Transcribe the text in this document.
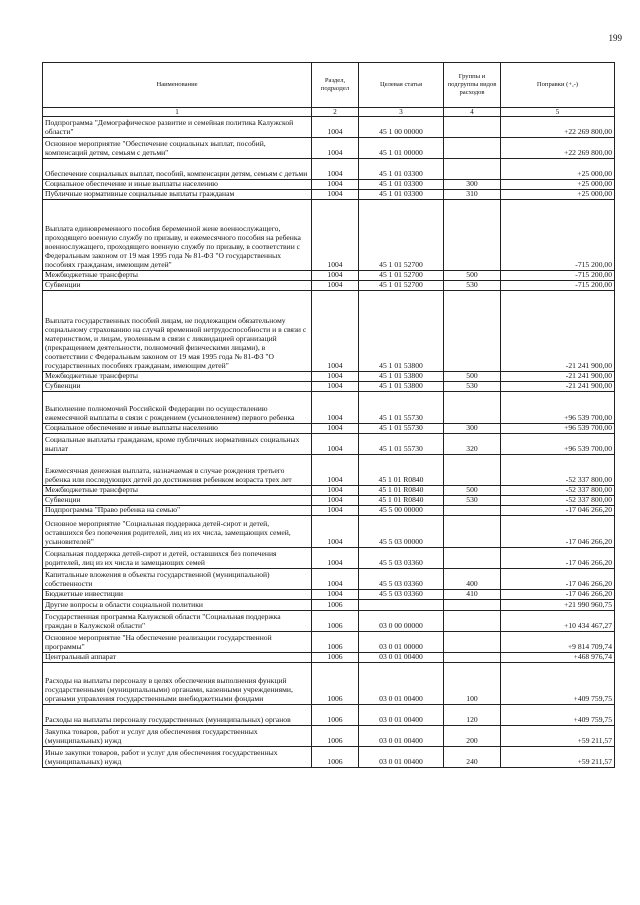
199
Наименование	Раздел, подраздел	Целевая статья	Группы и подгруппы видов расходов	Поправки (+,-)
1	2	3	4	5
Подпрограмма "Демографическое развитие и семейная политика Калужской области"	1004	45 1 00 00000		+22 269 800,00
Основное мероприятие "Обеспечение социальных выплат, пособий, компенсаций детям, семьям с детьми"	1004	45 1 01 00000		+22 269 800,00
Обеспечение социальных выплат, пособий, компенсации детям, семьям с детьми	1004	45 1 01 03300		+25 000,00
Социальное обеспечение и иные выплаты населению	1004	45 1 01 03300	300	+25 000,00
Публичные нормативные социальные выплаты гражданам	1004	45 1 01 03300	310	+25 000,00
Выплата единовременного пособия беременной жене военнослужащего, проходящего военную службу по призыву, и ежемесячного пособия на ребенка военнослужащего, проходящего военную службу по призыву, в соответствии с Федеральным законом от 19 мая 1995 года № 81-ФЗ "О государственных пособиях гражданам, имеющим детей"	1004	45 1 01 52700		-715 200,00
Межбюджетные трансферты	1004	45 1 01 52700	500	-715 200,00
Субвенции	1004	45 1 01 52700	530	-715 200,00
Выплата государственных пособий лицам, не подлежащим обязательному социальному страхованию на случай временной нетрудоспособности и в связи с материнством, и лицам, уволенным в связи с ликвидацией организаций (прекращением деятельности, полномочий физическими лицами), в соответствии с Федеральным законом от 19 мая 1995 года № 81-ФЗ "О государственных пособиях гражданам, имеющим детей"	1004	45 1 01 53800		-21 241 900,00
Межбюджетные трансферты	1004	45 1 01 53800	500	-21 241 900,00
Субвенции	1004	45 1 01 53800	530	-21 241 900,00
Выполнение полномочий Российской Федерации по осуществлению ежемесячной выплаты в связи с рождением (усыновлением) первого ребенка	1004	45 1 01 55730		+96 539 700,00
Социальное обеспечение и иные выплаты населению	1004	45 1 01 55730	300	+96 539 700,00
Социальные выплаты гражданам, кроме публичных нормативных социальных выплат	1004	45 1 01 55730	320	+96 539 700,00
Ежемесячная денежная выплата, назначаемая в случае рождения третьего ребенка или последующих детей до достижения ребенком возраста трех лет	1004	45 1 01 R0840		-52 337 800,00
Межбюджетные трансферты	1004	45 1 01 R0840	500	-52 337 800,00
Субвенции	1004	45 1 01 R0840	530	-52 337 800,00
Подпрограмма "Право ребенка на семью"	1004	45 5 00 00000		-17 046 266,20
Основное мероприятие "Социальная поддержка детей-сирот и детей, оставшихся без попечения родителей, лиц из их числа, замещающих семей, усыновителей"	1004	45 5 03 00000		-17 046 266,20
Социальная поддержка детей-сирот и детей, оставшихся без попечения родителей, лиц из их числа и замещающих семей	1004	45 5 03 03360		-17 046 266,20
Капитальные вложения в объекты государственной (муниципальной) собственности	1004	45 5 03 03360	400	-17 046 266,20
Бюджетные инвестиции	1004	45 5 03 03360	410	-17 046 266,20
Другие вопросы в области социальной политики	1006			+21 990 960,75
Государственная программа Калужской области "Социальная поддержка граждан в Калужской области"	1006	03 0 00 00000		+10 434 467,27
Основное мероприятие "На обеспечение реализации государственной программы"	1006	03 0 01 00000		+9 814 709,74
Центральный аппарат	1006	03 0 01 00400		+468 976,74
Расходы на выплаты персоналу в целях обеспечения выполнения функций государственными (муниципальными) органами, казенными учреждениями, органами управления государственными внебюджетными фондами	1006	03 0 01 00400	100	+409 759,75
Расходы на выплаты персоналу государственных (муниципальных) органов	1006	03 0 01 00400	120	+409 759,75
Закупка товаров, работ и услуг для обеспечения государственных (муниципальных) нужд	1006	03 0 01 00400	200	+59 211,57
Иные закупки товаров, работ и услуг для обеспечения государственных (муниципальных) нужд	1006	03 0 01 00400	240	+59 211,57
